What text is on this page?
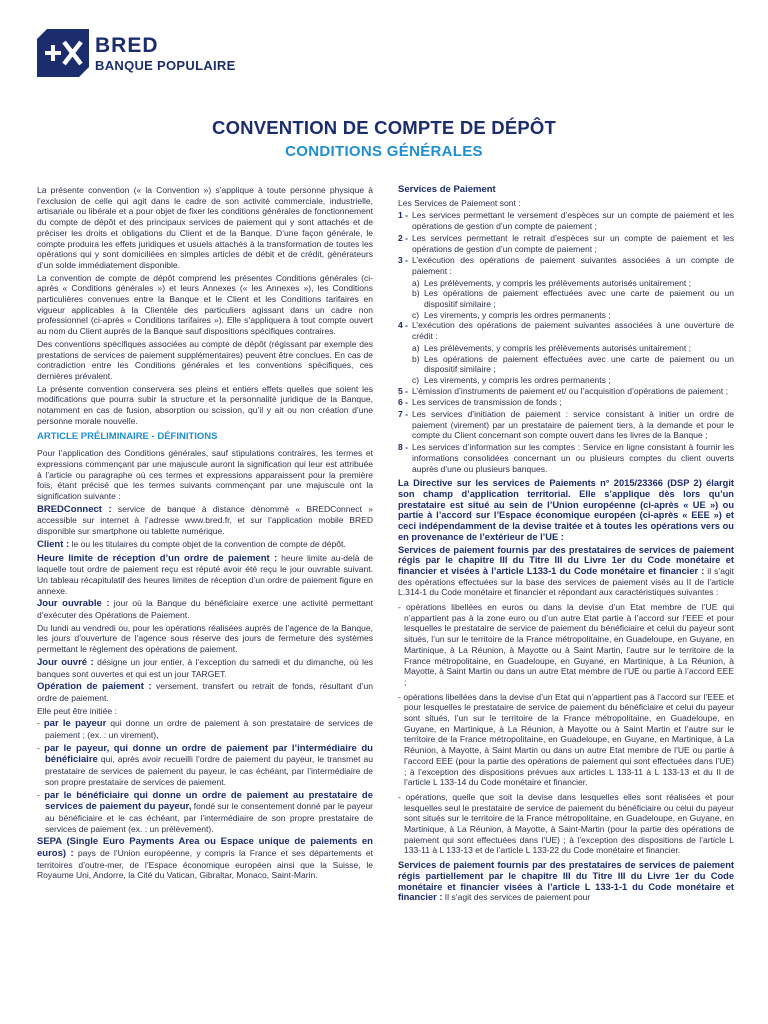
BRED
BANQUE POPULAIRE
CONVENTION DE COMPTE DE DÉPÔT
CONDITIONS GÉNÉRALES

La présente convention (« la Convention ») s’applique à toute personne physique à l’exclusion de celle qui agit dans le cadre de son activité commerciale, industrielle, artisanale ou libérale et a pour objet de fixer les conditions générales de fonctionnement du compte de dépôt et des principaux services de paiement qui y sont attachés et de préciser les droits et obligations du Client et de la Banque. D’une façon générale, le compte produira les effets juridiques et usuels attachés à la transformation de toutes les opérations qui y sont domiciliées en simples articles de débit et de crédit, générateurs d’un solde immédiatement disponible.

La convention de compte de dépôt comprend les présentes Conditions générales (ci-après « Conditions générales ») et leurs Annexes (« les Annexes »), les Conditions particulières convenues entre la Banque et le Client et les Conditions tarifaires en vigueur applicables à la Clientèle des particuliers agissant dans un cadre non professionnel (ci-après « Conditions tarifaires »). Elle s’appliquera à tout compte ouvert au nom du Client auprès de la Banque sauf dispositions spécifiques contraires.

Des conventions spécifiques associées au compte de dépôt (régissant par exemple des prestations de services de paiement supplémentaires) peuvent être conclues. En cas de contradiction entre les Conditions générales et les conventions spécifiques, ces dernières prévalent.

La présente convention conservera ses pleins et entiers effets quelles que soient les modifications que pourra subir la structure et la personnalité juridique de la Banque, notamment en cas de fusion, absorption ou scission, qu’il y ait ou non création d’une personne morale nouvelle.

ARTICLE PRÉLIMINAIRE - DÉFINITIONS

Pour l’application des Conditions générales, sauf stipulations contraires, les termes et expressions commençant par une majuscule auront la signification qui leur est attribuée à l’article ou paragraphe où ces termes et expressions apparaissent pour la première fois, étant précisé que les termes suivants commençant par une majuscule ont la signification suivante :

BREDConnect : service de banque à distance dénommé « BREDConnect » accessible sur internet à l’adresse www.bred.fr, et sur l’application mobile BRED disponible sur smartphone ou tablette numérique.

Client : le ou les titulaires du compte objet de la convention de compte de dépôt.

Heure limite de réception d’un ordre de paiement : heure limite au-delà de laquelle tout ordre de paiement reçu est réputé avoir été reçu le jour ouvrable suivant. Un tableau récapitulatif des heures limites de réception d’un ordre de paiement figure en annexe.

Jour ouvrable : jour où la Banque du bénéficiaire exerce une activité permettant d’exécuter des Opérations de Paiement.

Du lundi au vendredi ou, pour les opérations réalisées auprès de l’agence de la Banque, les jours d’ouverture de l’agence sous réserve des jours de fermeture des systèmes permettant le règlement des opérations de paiement.

Jour ouvré : désigne un jour entier, à l’exception du samedi et du dimanche, où les banques sont ouvertes et qui est un jour TARGET.

Opération de paiement : versement, transfert ou retrait de fonds, résultant d’un ordre de paiement.

Elle peut être initiée :

- par le payeur qui donne un ordre de paiement à son prestataire de services de paiement ; (ex. : un virement),

- par le payeur, qui donne un ordre de paiement par l’intermédiaire du bénéficiaire qui, après avoir recueilli l’ordre de paiement du payeur, le transmet au prestataire de services de paiement du payeur, le cas échéant, par l’intermédiaire de son propre prestataire de services de paiement.

- par le bénéficiaire qui donne un ordre de paiement au prestataire de services de paiement du payeur, fondé sur le consentement donné par le payeur au bénéficiaire et le cas échéant, par l’intermédiaire de son propre prestataire de services de paiement (ex. : un prélèvement).

SEPA (Single Euro Payments Area ou Espace unique de paiements en euros) : pays de l’Union européenne, y compris la France et ses départements et territoires d’outre-mer, de l’Espace économique européen ainsi que la Suisse, le Royaume Uni, Andorre, la Cité du Vatican, Gibraltar, Monaco, Saint-Marin.

Services de Paiement

Les Services de Paiement sont :

1 - Les services permettant le versement d’espèces sur un compte de paiement et les opérations de gestion d’un compte de paiement ;
2 - Les services permettant le retrait d’espèces sur un compte de paiement et les opérations de gestion d’un compte de paiement ;
3 - L’exécution des opérations de paiement suivantes associées à un compte de paiement :
a) Les prélèvements, y compris les prélèvements autorisés unitairement ;
b) Les opérations de paiement effectuées avec une carte de paiement ou un dispositif similaire ;
c) Les virements, y compris les ordres permanents ;
4 - L’exécution des opérations de paiement suivantes associées à une ouverture de crédit :
a) Les prélèvements, y compris les prélèvements autorisés unitairement ;
b) Les opérations de paiement effectuées avec une carte de paiement ou un dispositif similaire ;
c) Les virements, y compris les ordres permanents ;
5 - L’émission d’instruments de paiement et/ ou l’acquisition d’opérations de paiement ;
6 - Les services de transmission de fonds ;
7 - Les services d’initiation de paiement : service consistant à initier un ordre de paiement (virement) par un prestataire de paiement tiers, à la demande et pour le compte du Client concernant son compte ouvert dans les livres de la Banque ;
8 - Les services d’information sur les comptes : Service en ligne consistant à fournir les informations consolidées concernant un ou plusieurs comptes du client ouverts auprès d’une ou plusieurs banques.

La Directive sur les services de Paiements n° 2015/23366 (DSP 2) élargit son champ d’application territorial. Elle s’applique dès lors qu’un prestataire est situé au sein de l’Union européenne (ci-après « UE ») ou partie à l’accord sur l’Espace économique européen (ci-après « EEE ») et ceci indépendamment de la devise traitée et à toutes les opérations vers ou en provenance de l’extérieur de l’UE :

Services de paiement fournis par des prestataires de services de paiement régis par le chapitre III du Titre III du Livre 1er du Code monétaire et financier et visées à l’article L133-1 du Code monétaire et financier : il s’agit des opérations effectuées sur la base des services de paiement visés au II de l’article L.314-1 du Code monétaire et financier et répondant aux caractéristiques suivantes :

- opérations libellées en euros ou dans la devise d’un Etat membre de l’UE qui n’appartient pas à la zone euro ou d’un autre Etat partie à l’accord sur l’EEE et pour lesquelles le prestataire de service de paiement du bénéficiaire et celui du payeur sont situés, l’un sur le territoire de la France métropolitaine, en Guadeloupe, en Guyane, en Martinique, à La Réunion, à Mayotte ou à Saint Martin, l’autre sur le territoire de la France métropolitaine, en Guadeloupe, en Guyane, en Martinique, à La Réunion, à Mayotte, à Saint Martin ou dans un autre Etat membre de l’UE ou partie à l’accord EEE ;

- opérations libellées dans la devise d’un Etat qui n’appartient pas à l’accord sur l’EEE et pour lesquelles le prestataire de service de paiement du bénéficiaire et celui du payeur sont situés, l’un sur le territoire de la France métropolitaine, en Guadeloupe, en Guyane, en Martinique, à La Réunion, à Mayotte ou à Saint Martin et l’autre sur le territoire de la France métropolitaine, en Guadeloupe, en Guyane, en Martinique, à La Réunion, à Mayotte, à Saint Martin ou dans un autre Etat membre de l’UE ou partie à l’accord EEE (pour la partie des opérations de paiement qui sont effectuées dans l’UE) ; à l’exception des dispositions prévues aux articles L 133-11 à L 133-13 et du II de l’article L 133-14 du Code monétaire et financier.

- opérations, quelle que soit la devise dans lesquelles elles sont réalisées et pour lesquelles seul le prestataire de service de paiement du bénéficiaire ou celui du payeur sont situés sur le territoire de la France métropolitaine, en Guadeloupe, en Guyane, en Martinique, à La Réunion, à Mayotte, à Saint-Martin (pour la partie des opérations de paiement qui sont effectuées dans l’UE) ; à l’exception des dispositions de l’article L 133-11 à L 133-13 et de l’article L 133-22 du Code monétaire et financier.

Services de paiement fournis par des prestataires de services de paiement régis partiellement par le chapitre III du Titre III du Livre 1er du Code monétaire et financier visées à l’article L 133-1-1 du Code monétaire et financier : Il s’agit des services de paiement pour
